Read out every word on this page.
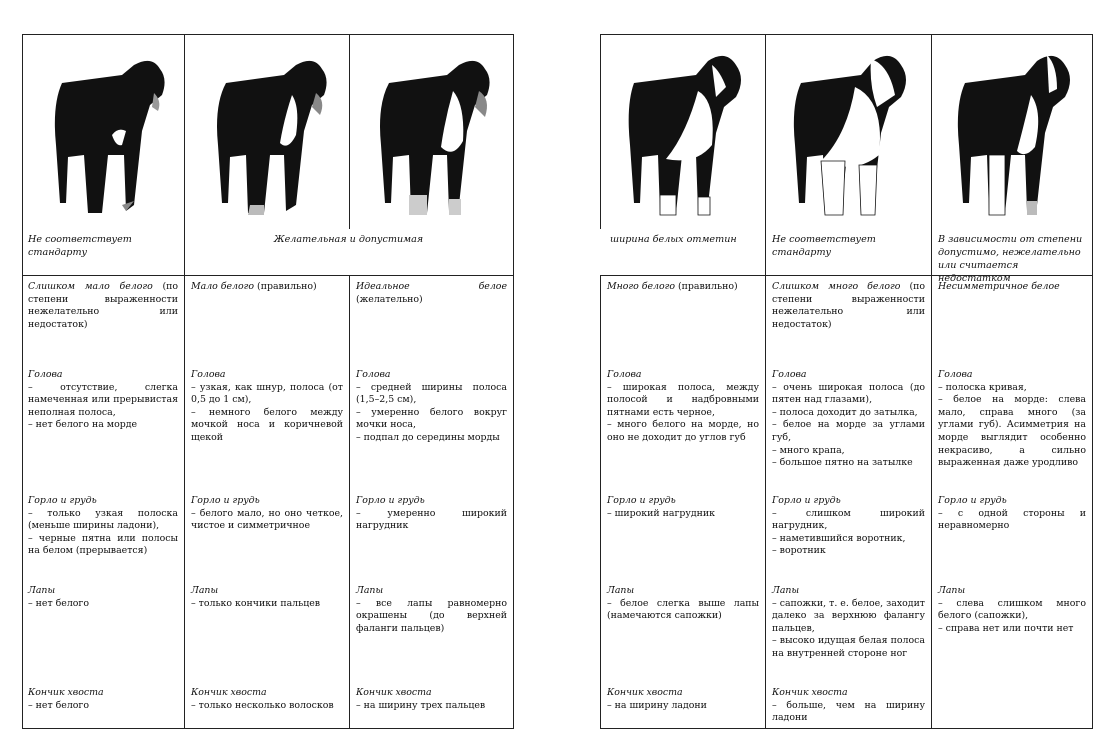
Не соответствует стандарту
Желательная и допустимая
Слишком мало белого (по степени выраженности нежелательно или недостаток)
Голова
– отсутствие, слегка намеченная или прерывистая неполная полоса,
– нет белого на морде
Горло и грудь
– только узкая полоска (меньше ширины ладони),
– черные пятна или полосы на белом (прерывается)
Лапы
– нет белого
Кончик хвоста
– нет белого
Мало белого (правильно)
Голова
– узкая, как шнур, полоса (от 0,5 до 1 см),
– немного белого между мочкой носа и коричневой щекой
Горло и грудь
– белого мало, но оно четкое, чистое и симметричное
Лапы
– только кончики пальцев
Кончик хвоста
– только несколько волосков
Идеальное белое (желательно)
Голова
– средней ширины полоса (1,5–2,5 см),
– умеренно белого вокруг мочки носа,
– подпал до середины морды
Горло и грудь
– умеренно широкий нагрудник
Лапы
– все лапы равномерно окрашены (до верхней фаланги пальцев)
Кончик хвоста
– на ширину трех пальцев
ширина белых отметин	Не соответствует стандарту
В зависимости от степени допустимо, нежелательно или считается недостатком
Много белого (правильно)
Голова
– широкая полоса, между полосой и надбровными пятнами есть черное,
– много белого на морде, но оно не доходит до углов губ
Горло и грудь
– широкий нагрудник
Лапы
– белое слегка выше лапы (намечаются сапожки)
Кончик хвоста
– на ширину ладони
Слишком много белого (по степени выраженности нежелательно или недостаток)
Голова
– очень широкая полоса (до пятен над глазами),
– полоса доходит до затылка,
– белое на морде за углами губ,
– много крапа,
– большое пятно на затылке
Горло и грудь
– слишком широкий нагрудник,
– наметившийся воротник,
– воротник
Лапы
– сапожки, т. е. белое, заходит далеко за верхнюю фалангу пальцев,
– высоко идущая белая полоса на внутренней стороне ног
Кончик хвоста
– больше, чем на ширину ладони
Несимметричное белое
Голова
– полоска кривая,
– белое на морде: слева мало, справа много (за углами губ). Асимметрия на морде выглядит особенно некрасиво, а сильно выраженная даже уродливо
Горло и грудь
– с одной стороны и неравномерно
Лапы
– слева слишком много белого (сапожки),
– справа нет или почти нет
